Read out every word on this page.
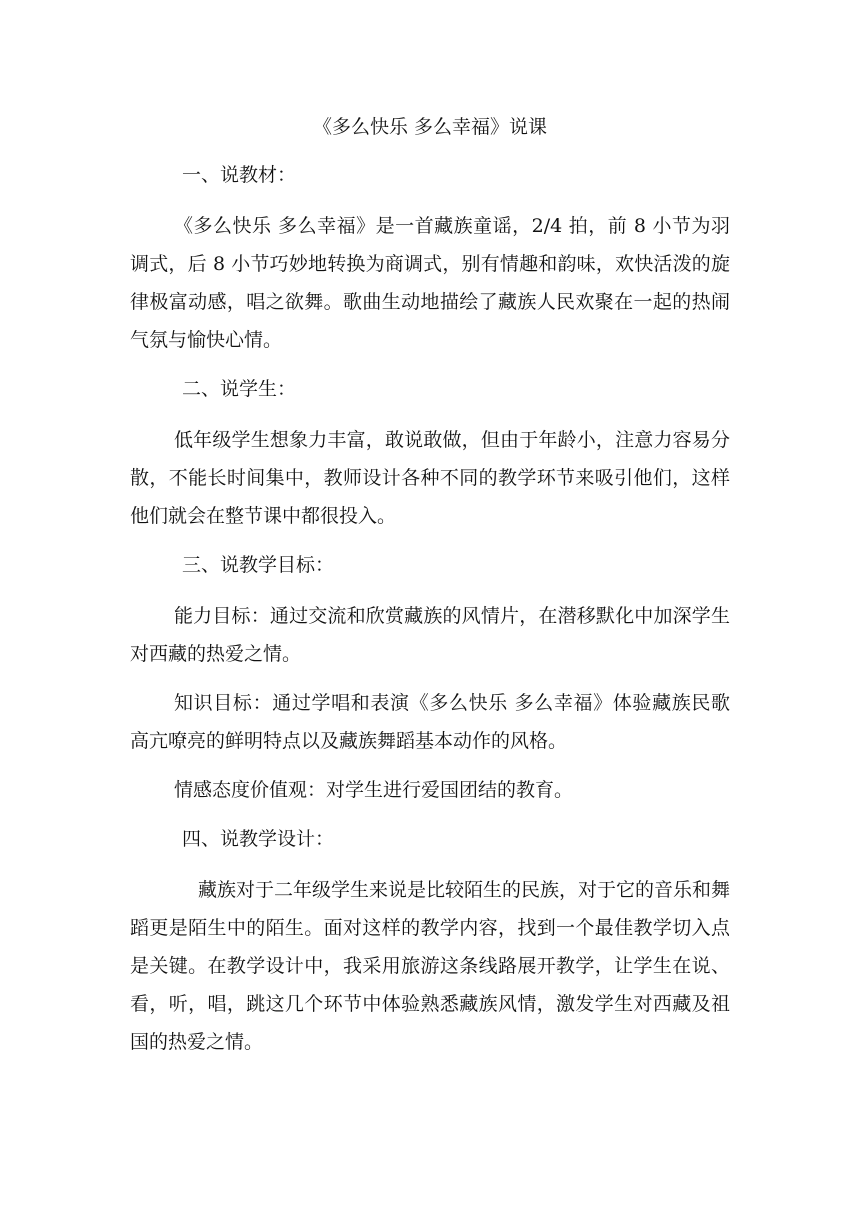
《多么快乐 多么幸福》说课

一、说教材：

《多么快乐 多么幸福》是一首藏族童谣，2/4 拍，前 8 小节为羽调式，后 8 小节巧妙地转换为商调式，别有情趣和韵味，欢快活泼的旋律极富动感，唱之欲舞。歌曲生动地描绘了藏族人民欢聚在一起的热闹气氛与愉快心情。

二、说学生：

低年级学生想象力丰富，敢说敢做，但由于年龄小，注意力容易分散，不能长时间集中，教师设计各种不同的教学环节来吸引他们，这样他们就会在整节课中都很投入。

三、说教学目标：

能力目标：通过交流和欣赏藏族的风情片，在潜移默化中加深学生对西藏的热爱之情。

知识目标：通过学唱和表演《多么快乐 多么幸福》体验藏族民歌高亢嘹亮的鲜明特点以及藏族舞蹈基本动作的风格。

情感态度价值观：对学生进行爱国团结的教育。

四、说教学设计：

藏族对于二年级学生来说是比较陌生的民族，对于它的音乐和舞蹈更是陌生中的陌生。面对这样的教学内容，找到一个最佳教学切入点是关键。在教学设计中，我采用旅游这条线路展开教学，让学生在说、看，听，唱，跳这几个环节中体验熟悉藏族风情，激发学生对西藏及祖国的热爱之情。
